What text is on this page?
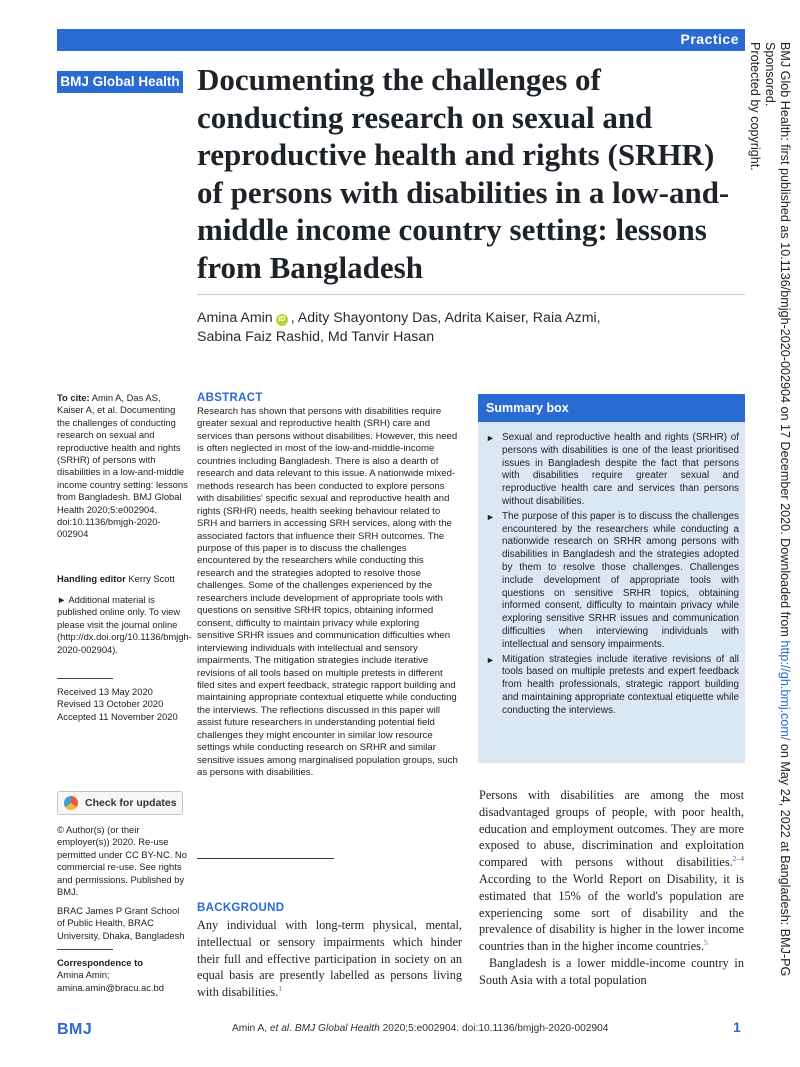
Practice
BMJ Global Health Documenting the challenges of conducting research on sexual and reproductive health and rights (SRHR) of persons with disabilities in a low-and-middle income country setting: lessons from Bangladesh
Amina Amin iD , Adity Shayontony Das, Adrita Kaiser, Raia Azmi,
Sabina Faiz Rashid, Md Tanvir Hasan
To cite: Amin A, Das AS, Kaiser A, et al. Documenting the challenges of conducting research on sexual and reproductive health and rights (SRHR) of persons with disabilities in a low-and-middle income country setting: lessons from Bangladesh. BMJ Global Health 2020;5:e002904. doi:10.1136/bmjgh-2020-002904
Handling editor Kerry Scott
► Additional material is published online only. To view please visit the journal online (http://dx.doi.org/10.1136/bmjgh-2020-002904).
Received 13 May 2020
Revised 13 October 2020
Accepted 11 November 2020
Check for updates
© Author(s) (or their employer(s)) 2020. Re-use permitted under CC BY-NC. No commercial re-use. See rights and permissions. Published by BMJ.
BRAC James P Grant School of Public Health, BRAC University, Dhaka, Bangladesh
Correspondence to
Amina Amin;
amina.amin@bracu.ac.bd
ABSTRACT
Research has shown that persons with disabilities require greater sexual and reproductive health (SRH) care and services than persons without disabilities. However, this need is often neglected in most of the low-and-middle-income countries including Bangladesh. There is also a dearth of research and data relevant to this issue. A nationwide mixed-methods research has been conducted to explore persons with disabilities' specific sexual and reproductive health and rights (SRHR) needs, health seeking behaviour related to SRH and barriers in accessing SRH services, along with the associated factors that influence their SRH outcomes. The purpose of this paper is to discuss the challenges encountered by the researchers while conducting this research and the strategies adopted to resolve those challenges. Some of the challenges experienced by the researchers include development of appropriate tools with questions on sensitive SRHR topics, obtaining informed consent, difficulty to maintain privacy while exploring sensitive SRHR issues and communication difficulties when interviewing individuals with intellectual and sensory impairments. The mitigation strategies include iterative revisions of all tools based on multiple pretests in different filed sites and expert feedback, strategic rapport building and maintaining appropriate contextual etiquette while conducting the interviews. The reflections discussed in this paper will assist future researchers in understanding potential field challenges they might encounter in similar low resource settings while conducting research on SRHR and similar sensitive issues among marginalised population groups, such as persons with disabilities.
BACKGROUND

Any individual with long-term physical, mental, intellectual or sensory impairments which hinder their full and effective participation in society on an equal basis are presently labelled as persons living with disabilities.$^1$

Summary box
► Sexual and reproductive health and rights (SRHR) of persons with disabilities is one of the least prioritised issues in Bangladesh despite the fact that persons with disabilities require greater sexual and reproductive health care and services than persons without disabilities.
► The purpose of this paper is to discuss the challenges encountered by the researchers while conducting a nationwide research on SRHR among persons with disabilities in Bangladesh and the strategies adopted by them to resolve those challenges. Challenges include development of appropriate tools with questions on sensitive SRHR topics, obtaining informed consent, difficulty to maintain privacy while exploring sensitive SRHR issues and communication difficulties when interviewing individuals with intellectual and sensory impairments.
► Mitigation strategies include iterative revisions of all tools based on multiple pretests and expert feedback from health professionals, strategic rapport building and maintaining appropriate contextual etiquette while conducting the interviews.

Persons with disabilities are among the most disadvantaged groups of people, with poor health, education and employment outcomes. They are more exposed to abuse, discrimination and exploitation compared with persons without disabilities.$^{2-4}$ According to the World Report on Disability, it is estimated that 15% of the world's population are experiencing some sort of disability and the prevalence of disability is higher in the lower income countries than in the higher income countries.$^5$

Bangladesh is a lower middle-income country in South Asia with a total population

BMJ Glob Health: first published as 10.1136/bmjgh-2020-002904 on 17 December 2020. Downloaded from http://gh.bmj.com/ on May 24, 2022 at Bangladesh: BMJ-PG Sponsored.
Protected by copyright.
BMJ	Amin A, et al. BMJ Global Health 2020;5:e002904. doi:10.1136/bmjgh-2020-002904	1
